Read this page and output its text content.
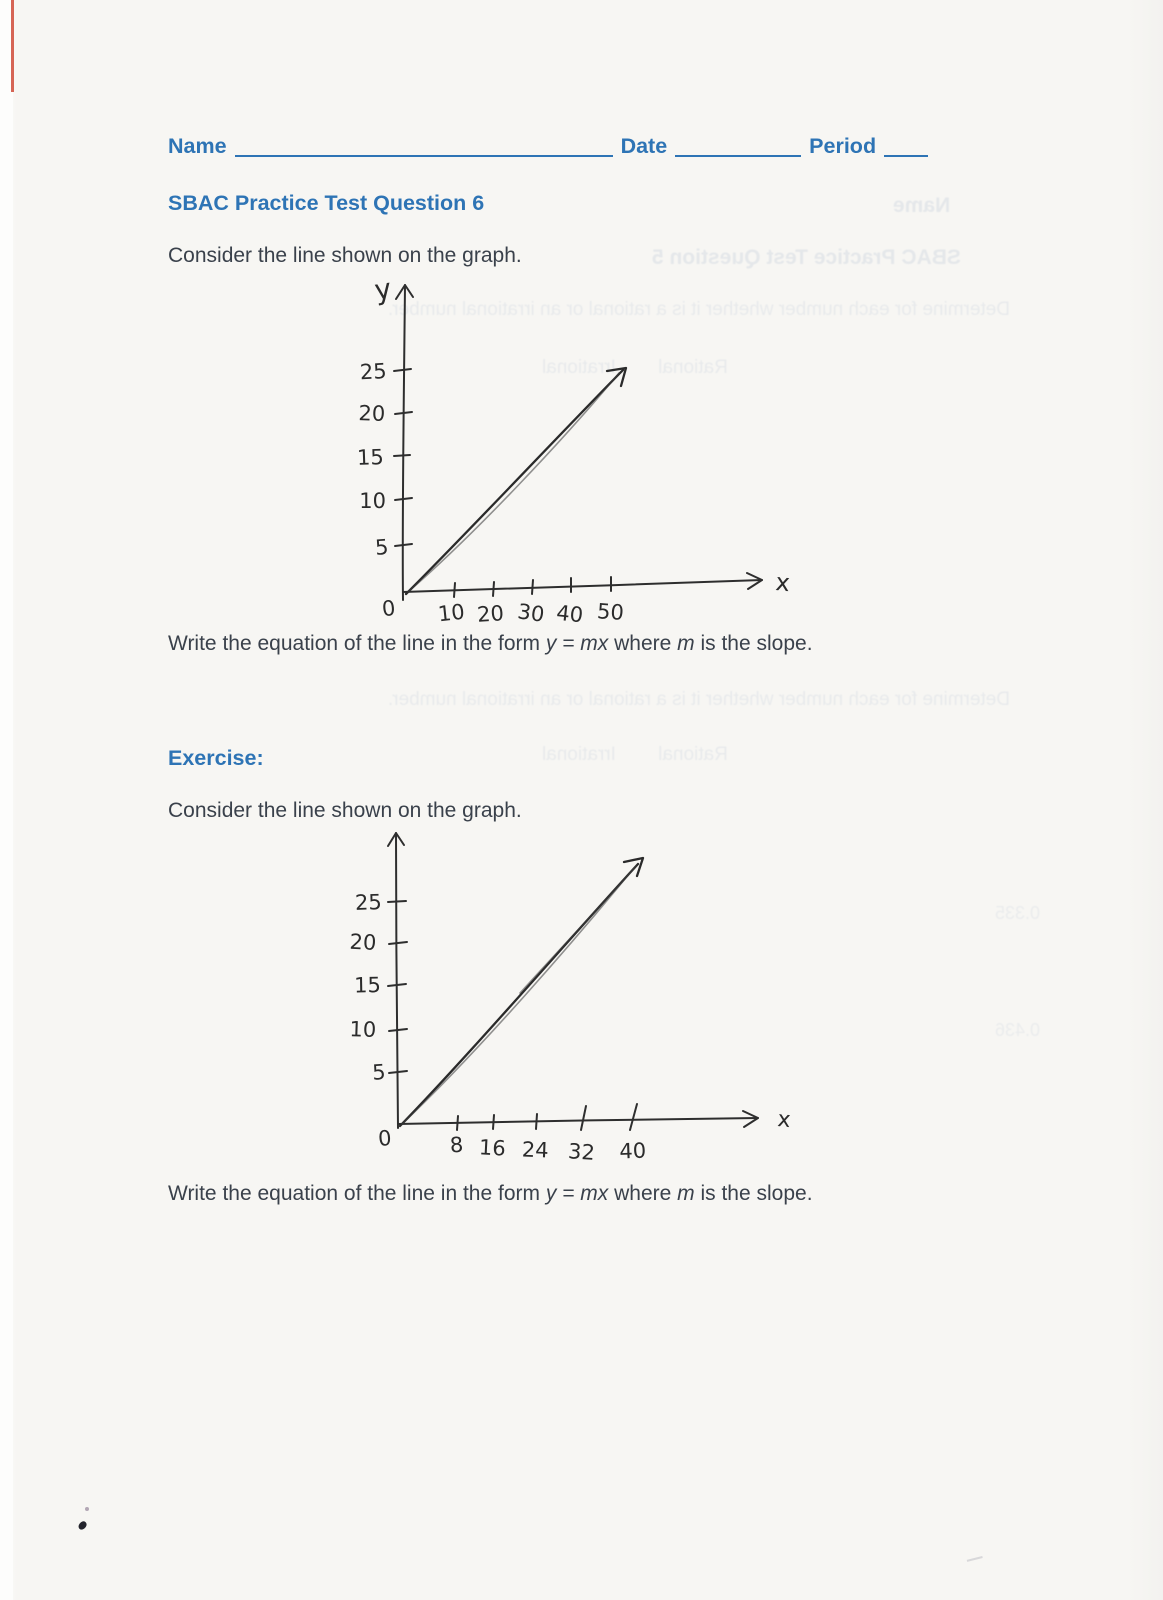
Name
SBAC Practice Test Question 5
Determine for each number whether it is a rational or an irrational number.
Rational        Irrational
Determine for each number whether it is a rational or an irrational number.
Rational        Irrational
0.335
0.436
Name	Date	Period

SBAC Practice Test Question 6

Consider the line shown on the graph.

y
x
25
20
15
10
5
10 20 30 40 50
0

Write the equation of the line in the form y = mx where m is the slope.

Exercise:

Consider the line shown on the graph.

x
25
20
15
10
5
8 16 24 32 40
0

Write the equation of the line in the form y = mx where m is the slope.
